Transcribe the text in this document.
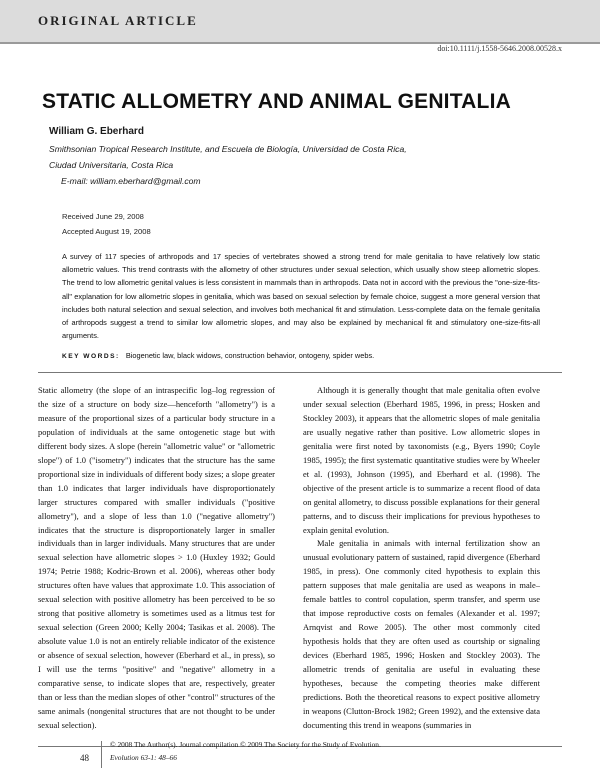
ORIGINAL ARTICLE
doi:10.1111/j.1558-5646.2008.00528.x
STATIC ALLOMETRY AND ANIMAL GENITALIA
William G. Eberhard
Smithsonian Tropical Research Institute, and Escuela de Biología, Universidad de Costa Rica,
Ciudad Universitaria, Costa Rica
E-mail: william.eberhard@gmail.com
Received June 29, 2008
Accepted August 19, 2008
A survey of 117 species of arthropods and 17 species of vertebrates showed a strong trend for male genitalia to have relatively low static allometric values. This trend contrasts with the allometry of other structures under sexual selection, which usually show steep allometric slopes. The trend to low allometric genital values is less consistent in mammals than in arthropods. Data not in accord with the previous the "one-size-fits-all" explanation for low allometric slopes in genitalia, which was based on sexual selection by female choice, suggest a more general version that includes both natural selection and sexual selection, and involves both mechanical fit and stimulation. Less-complete data on the female genitalia of arthropods suggest a trend to similar low allometric slopes, and may also be explained by mechanical fit and stimulatory one-size-fits-all arguments.
KEY WORDS: Biogenetic law, black widows, construction behavior, ontogeny, spider webs.

Static allometry (the slope of an intraspecific log–log regression of the size of a structure on body size—henceforth "allometry") is a measure of the proportional sizes of a particular body structure in a population of individuals at the same ontogenetic stage but with different body sizes. A slope (herein "allometric value" or "allometric slope") of 1.0 ("isometry") indicates that the structure has the same proportional size in individuals of different body sizes; a slope greater than 1.0 indicates that larger individuals have disproportionately larger structures compared with smaller individuals ("positive allometry"), and a slope of less than 1.0 ("negative allometry") indicates that the structure is disproportionately larger in smaller individuals than in larger individuals. Many structures that are under sexual selection have allometric slopes > 1.0 (Huxley 1932; Gould 1974; Petrie 1988; Kodric-Brown et al. 2006), whereas other body structures often have values that approximate 1.0. This association of sexual selection with positive allometry has been perceived to be so strong that positive allometry is sometimes used as a litmus test for sexual selection (Green 2000; Kelly 2004; Tasikas et al. 2008). The absolute value 1.0 is not an entirely reliable indicator of the existence or absence of sexual selection, however (Eberhard et al., in press), so I will use the terms "positive" and "negative" allometry in a comparative sense, to indicate slopes that are, respectively, greater than or less than the median slopes of other "control" structures of the same animals (nongenital structures that are not thought to be under sexual selection).

Although it is generally thought that male genitalia often evolve under sexual selection (Eberhard 1985, 1996, in press; Hosken and Stockley 2003), it appears that the allometric slopes of male genitalia are usually negative rather than positive. Low allometric slopes in genitalia were first noted by taxonomists (e.g., Byers 1990; Coyle 1985, 1995); the first systematic quantitative studies were by Wheeler et al. (1993), Johnson (1995), and Eberhard et al. (1998). The objective of the present article is to summarize a recent flood of data on genital allometry, to discuss possible explanations for their general patterns, and to discuss their implications for previous hypotheses to explain genital evolution.

Male genitalia in animals with internal fertilization show an unusual evolutionary pattern of sustained, rapid divergence (Eberhard 1985, in press). One commonly cited hypothesis to explain this pattern supposes that male genitalia are used as weapons in male–female battles to control copulation, sperm transfer, and sperm use that impose reproductive costs on females (Alexander et al. 1997; Arnqvist and Rowe 2005). The other most commonly cited hypothesis holds that they are often used as courtship or signaling devices (Eberhard 1985, 1996; Hosken and Stockley 2003). The allometric trends of genitalia are useful in evaluating these hypotheses, because the competing theories make different predictions. Both the theoretical reasons to expect positive allometry in weapons (Clutton-Brock 1982; Green 1992), and the extensive data documenting this trend in weapons (summaries in

48
© 2008 The Author(s). Journal compilation © 2009 The Society for the Study of Evolution.
Evolution 63-1: 48–66
